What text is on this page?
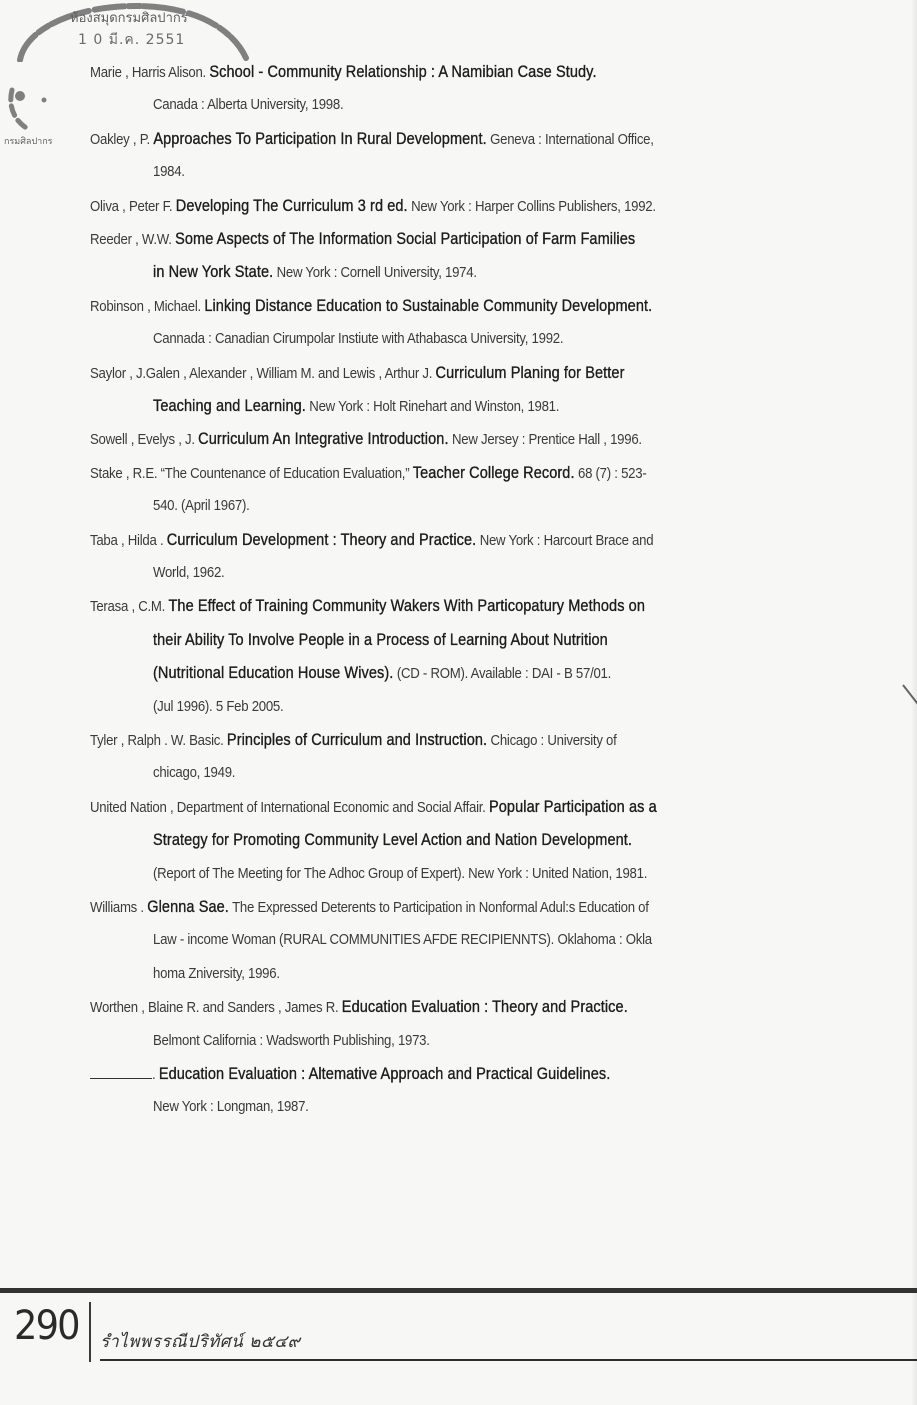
ห้องสมุดกรมศิลปากร
1 0 มี.ค. 2551
กรมศิลปากร
Marie , Harris Alison. School - Community Relationship : A Namibian Case Study.
Canada : Alberta University, 1998.
Oakley , P. Approaches To Participation In Rural Development. Geneva : International Office,
1984.
Oliva , Peter F. Developing The Curriculum 3 rd ed. New York : Harper Collins Publishers, 1992.
Reeder , W.W. Some Aspects of The Information Social Participation of Farm Families
in New York State. New York : Cornell University, 1974.
Robinson , Michael. Linking Distance Education to Sustainable Community Development.
Cannada : Canadian Cirumpolar Instiute with Athabasca University, 1992.
Saylor , J.Galen , Alexander , William M. and Lewis , Arthur J. Curriculum Planing for Better
Teaching and Learning. New York : Holt Rinehart and Winston, 1981.
Sowell , Evelys , J. Curriculum An Integrative Introduction. New Jersey : Prentice Hall , 1996.
Stake , R.E. “The Countenance of Education Evaluation,” Teacher College Record. 68 (7) : 523-
540. (April 1967).
Taba , Hilda . Curriculum Development : Theory and Practice. New York : Harcourt Brace and
World, 1962.
Terasa , C.M. The Effect of Training Community Wakers With Particopatury Methods on
their Ability To Involve People in a Process of Learning About Nutrition
(Nutritional Education House Wives). (CD - ROM). Available : DAI - B 57/01.
(Jul 1996). 5 Feb 2005.
Tyler , Ralph . W. Basic. Principles of Curriculum and Instruction. Chicago : University of
chicago, 1949.
United Nation , Department of International Economic and Social Affair. Popular Participation as a
Strategy for Promoting Community Level Action and Nation Development.
(Report of The Meeting for The Adhoc Group of Expert). New York : United Nation, 1981.
Williams . Glenna Sae. The Expressed Deterents to Participation in Nonformal Adul:s Education of
Law - income Woman (RURAL COMMUNITIES AFDE RECIPIENNTS). Oklahoma : Okla
homa Zniversity, 1996.
Worthen , Blaine R. and Sanders , James R. Education Evaluation : Theory and Practice.
Belmont California : Wadsworth Publishing, 1973.
. Education Evaluation : Altemative Approach and Practical Guidelines.
New York : Longman, 1987.
290 รำไพพรรณีปริทัศน์ ๒๕๔๙
